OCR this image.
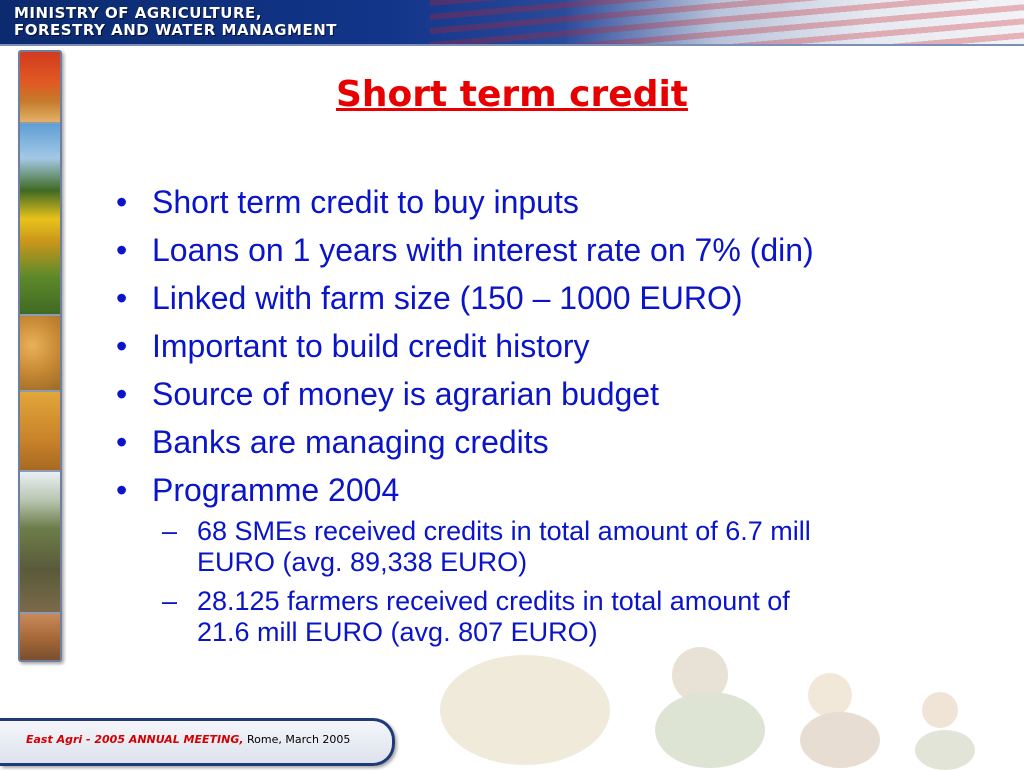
MINISTRY OF AGRICULTURE,
FORESTRY AND WATER MANAGMENT
Short term credit
• Short term credit to buy inputs
• Loans on 1 years with interest rate on 7% (din)
• Linked with farm size (150 – 1000 EURO)
• Important to build credit history
• Source of money is agrarian budget
• Banks are managing credits
• Programme 2004
– 68 SMEs received credits in total amount of 6.7 mill
EURO (avg. 89,338 EURO)
– 28.125 farmers received credits in total amount of
21.6 mill EURO (avg. 807 EURO)
East Agri - 2005 ANNUAL MEETING, Rome, March 2005
